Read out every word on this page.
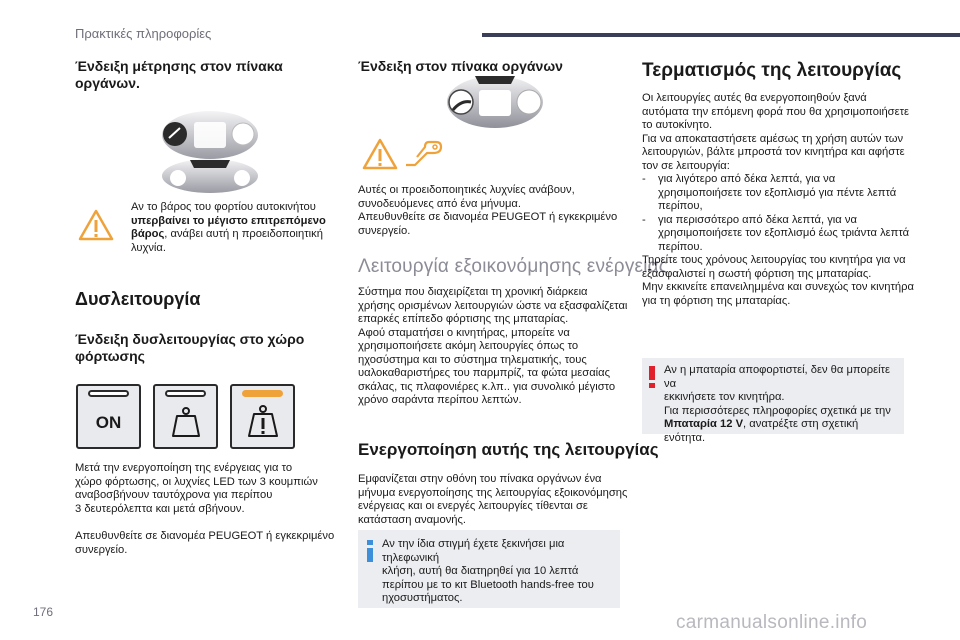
Πρακτικές πληροφορίες
Ένδειξη μέτρησης στον πίνακα
οργάνων.

Αν το βάρος του φορτίου αυτοκινήτου
υπερβαίνει το μέγιστο επιτρεπόμενο
βάρος, ανάβει αυτή η προειδοποιητική
λυχνία.

Δυσλειτουργία
Ένδειξη δυσλειτουργίας στο χώρο
φόρτωσης
ON

Μετά την ενεργοποίηση της ενέργειας για το
χώρο φόρτωσης, οι λυχνίες LED των 3 κουμπιών
αναβοσβήνουν ταυτόχρονα για περίπου
3 δευτερόλεπτα και μετά σβήνουν.

Απευθυνθείτε σε διανομέα PEUGEOT ή εγκεκριμένο
συνεργείο.

Ένδειξη στον πίνακα οργάνων

Αυτές οι προειδοποιητικές λυχνίες ανάβουν,
συνοδευόμενες από ένα μήνυμα.
Απευθυνθείτε σε διανομέα PEUGEOT ή εγκεκριμένο
συνεργείο.

Λειτουργία εξοικονόμησης ενέργειας

Σύστημα που διαχειρίζεται τη χρονική διάρκεια
χρήσης ορισμένων λειτουργιών ώστε να εξασφαλίζεται
επαρκές επίπεδο φόρτισης της μπαταρίας.
Αφού σταματήσει ο κινητήρας, μπορείτε να
χρησιμοποιήσετε ακόμη λειτουργίες όπως το
ηχοσύστημα και το σύστημα τηλεματικής, τους
υαλοκαθαριστήρες του παρμπρίζ, τα φώτα μεσαίας
σκάλας, τις πλαφονιέρες κ.λπ.. για συνολικό μέγιστο
χρόνο σαράντα περίπου λεπτών.

Ενεργοποίηση αυτής της λειτουργίας

Εμφανίζεται στην οθόνη του πίνακα οργάνων ένα
μήνυμα ενεργοποίησης της λειτουργίας εξοικονόμησης
ενέργειας και οι ενεργές λειτουργίες τίθενται σε
κατάσταση αναμονής.

Αν την ίδια στιγμή έχετε ξεκινήσει μια τηλεφωνική
κλήση, αυτή θα διατηρηθεί για 10 λεπτά
περίπου με το κιτ Bluetooth hands-free του
ηχοσυστήματος.

Τερματισμός της λειτουργίας

Οι λειτουργίες αυτές θα ενεργοποιηθούν ξανά
αυτόματα την επόμενη φορά που θα χρησιμοποιήσετε
το αυτοκίνητο.
Για να αποκαταστήσετε αμέσως τη χρήση αυτών των
λειτουργιών, βάλτε μπροστά τον κινητήρα και αφήστε
τον σε λειτουργία:

-	για λιγότερο από δέκα λεπτά, για να
χρησιμοποιήσετε τον εξοπλισμό για πέντε λεπτά
περίπου,

-	για περισσότερο από δέκα λεπτά, για να
χρησιμοποιήσετε τον εξοπλισμό έως τριάντα λεπτά
περίπου.

Τηρείτε τους χρόνους λειτουργίας του κινητήρα για να
εξασφαλιστεί η σωστή φόρτιση της μπαταρίας.
Μην εκκινείτε επανειλημμένα και συνεχώς τον κινητήρα
για τη φόρτιση της μπαταρίας.

Αν η μπαταρία αποφορτιστεί, δεν θα μπορείτε να
εκκινήσετε τον κινητήρα.
Για περισσότερες πληροφορίες σχετικά με την
Μπαταρία 12 V, ανατρέξτε στη σχετική ενότητα.

176	carmanualsonline.info
